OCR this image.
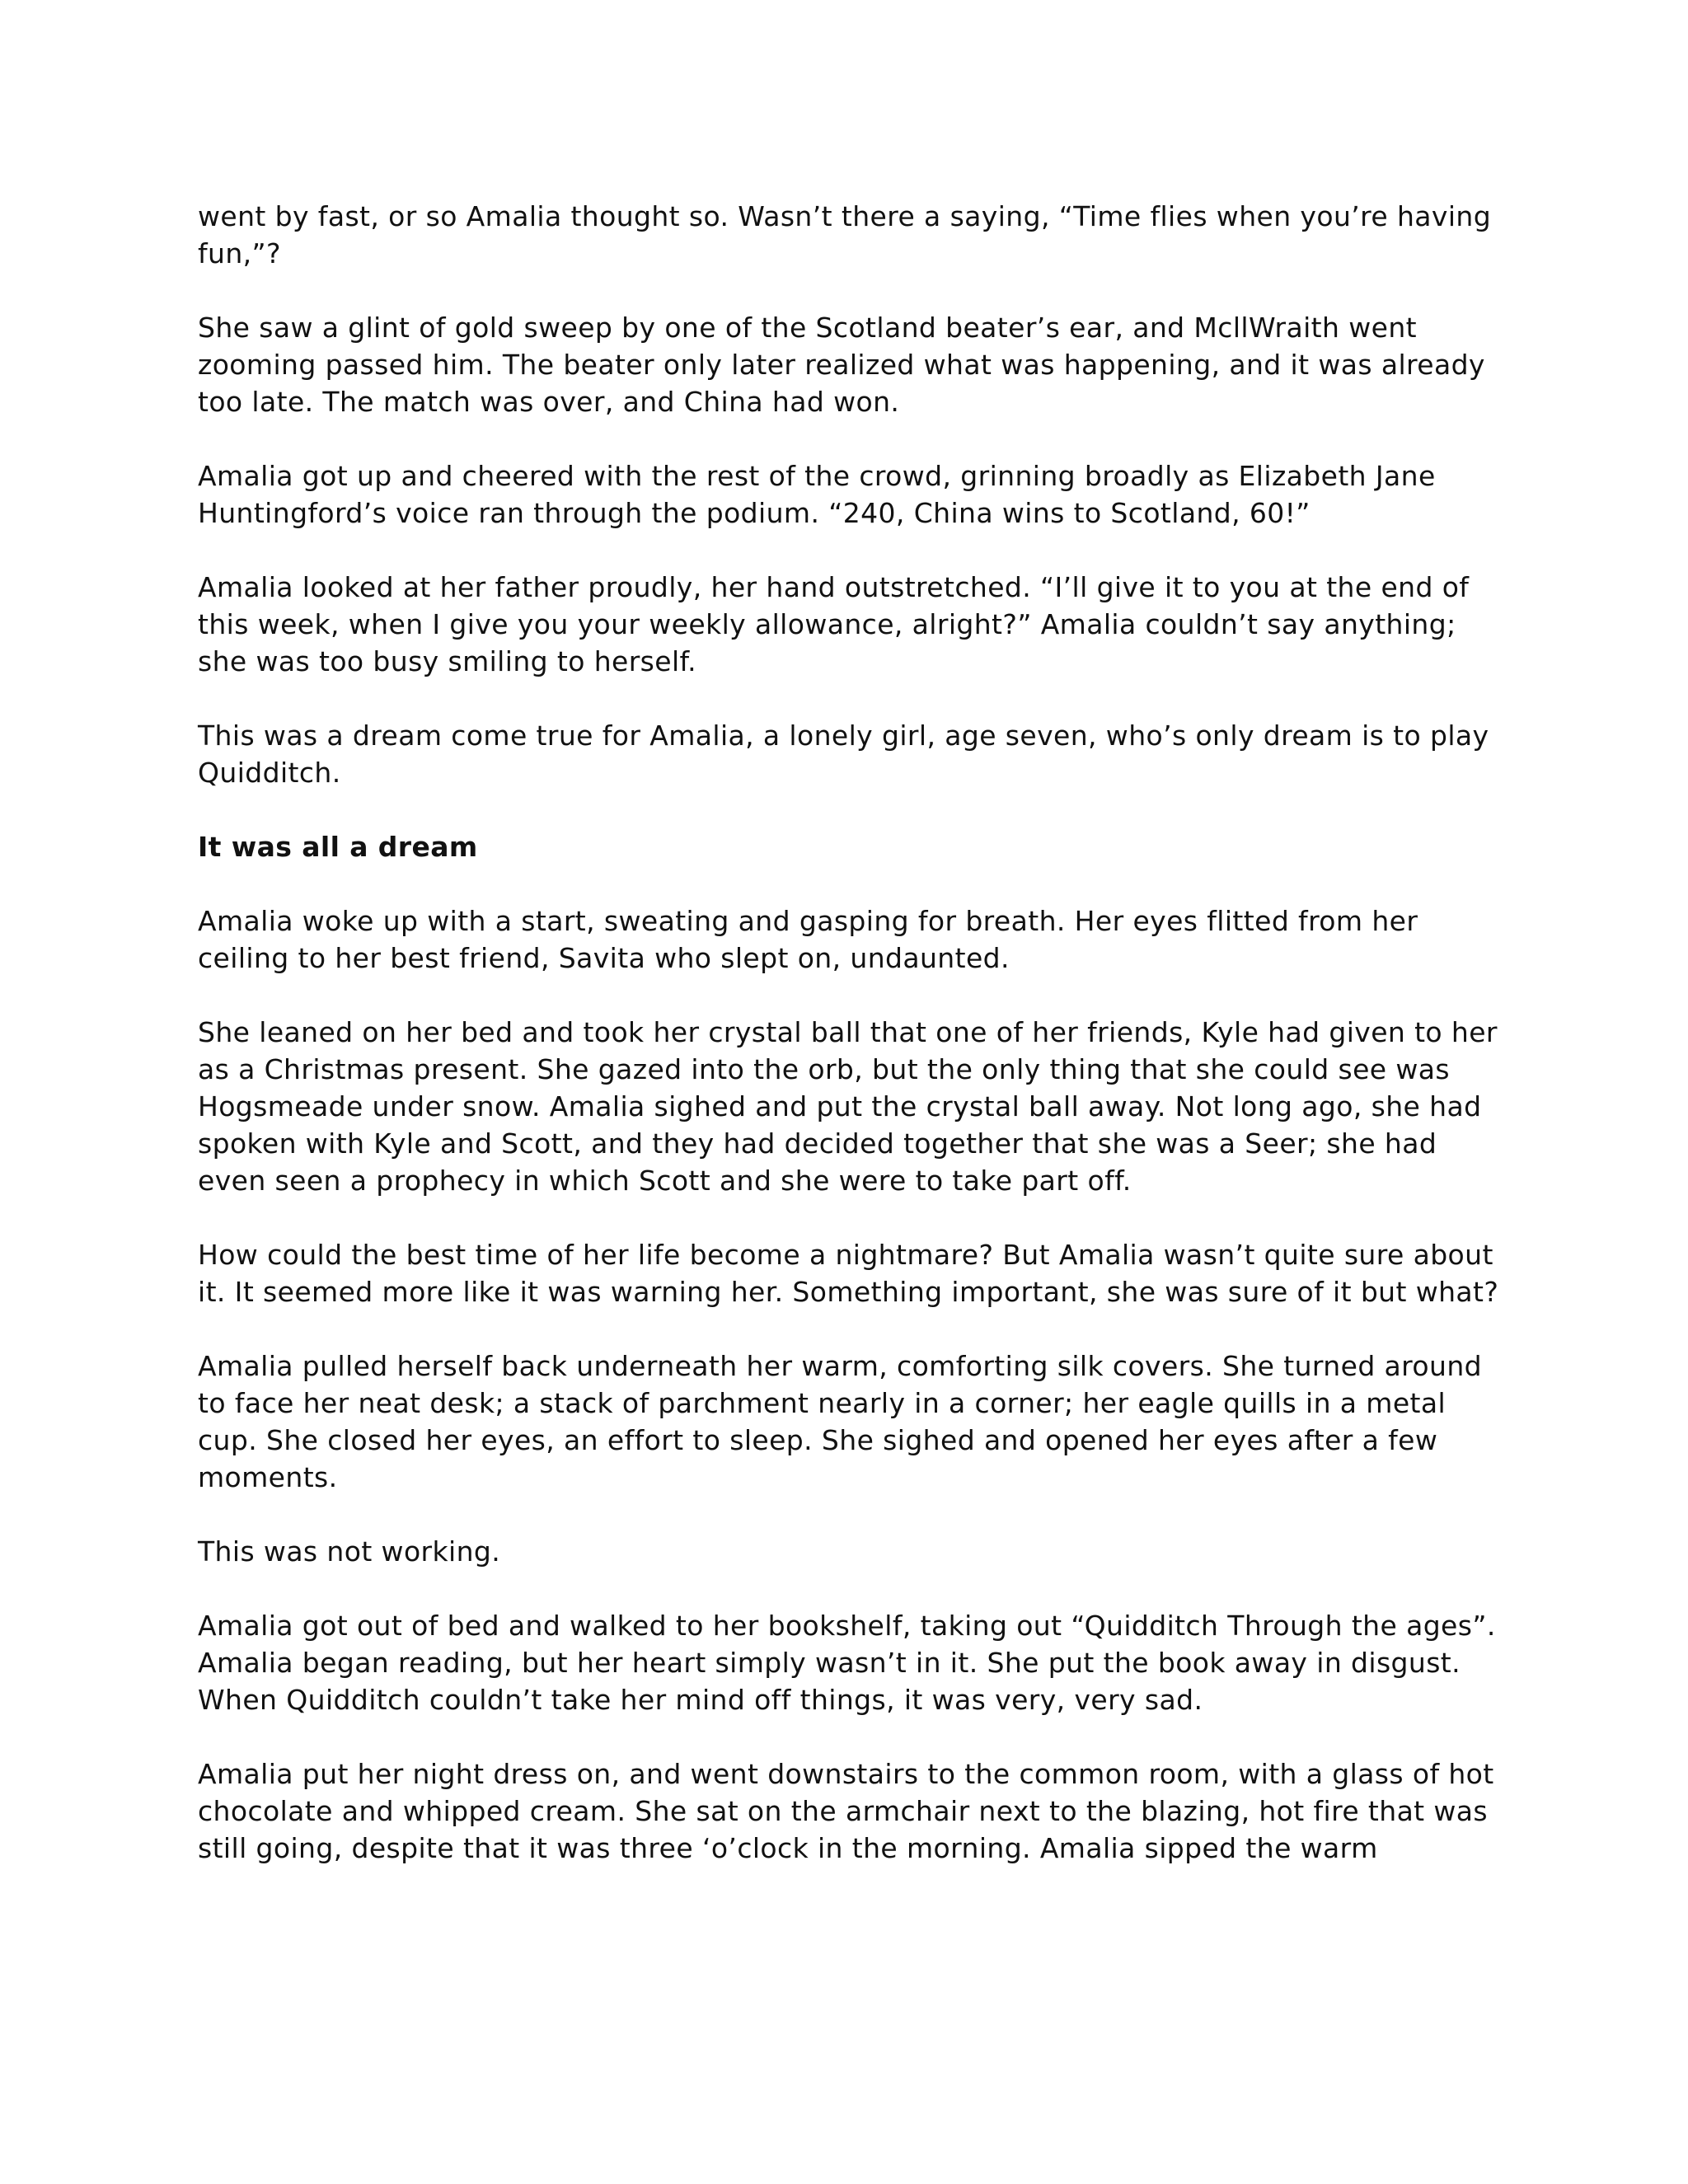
went by fast, or so Amalia thought so. Wasn’t there a saying, “Time flies when you’re having fun,”?

She saw a glint of gold sweep by one of the Scotland beater’s ear, and McllWraith went zooming passed him. The beater only later realized what was happening, and it was already too late. The match was over, and China had won.

Amalia got up and cheered with the rest of the crowd, grinning broadly as Elizabeth Jane Huntingford’s voice ran through the podium. “240, China wins to Scotland, 60!”

Amalia looked at her father proudly, her hand outstretched. “I’ll give it to you at the end of this week, when I give you your weekly allowance, alright?” Amalia couldn’t say anything; she was too busy smiling to herself.

This was a dream come true for Amalia, a lonely girl, age seven, who’s only dream is to play Quidditch.

It was all a dream

Amalia woke up with a start, sweating and gasping for breath. Her eyes flitted from her ceiling to her best friend, Savita who slept on, undaunted.

She leaned on her bed and took her crystal ball that one of her friends, Kyle had given to her as a Christmas present. She gazed into the orb, but the only thing that she could see was Hogsmeade under snow. Amalia sighed and put the crystal ball away. Not long ago, she had spoken with Kyle and Scott, and they had decided together that she was a Seer; she had even seen a prophecy in which Scott and she were to take part off.

How could the best time of her life become a nightmare? But Amalia wasn’t quite sure about it. It seemed more like it was warning her. Something important, she was sure of it but what?

Amalia pulled herself back underneath her warm, comforting silk covers. She turned around to face her neat desk; a stack of parchment nearly in a corner; her eagle quills in a metal cup. She closed her eyes, an effort to sleep. She sighed and opened her eyes after a few moments.

This was not working.

Amalia got out of bed and walked to her bookshelf, taking out “Quidditch Through the ages”. Amalia began reading, but her heart simply wasn’t in it. She put the book away in disgust. When Quidditch couldn’t take her mind off things, it was very, very sad.

Amalia put her night dress on, and went downstairs to the common room, with a glass of hot chocolate and whipped cream. She sat on the armchair next to the blazing, hot fire that was still going, despite that it was three ‘o’clock in the morning. Amalia sipped the warm
